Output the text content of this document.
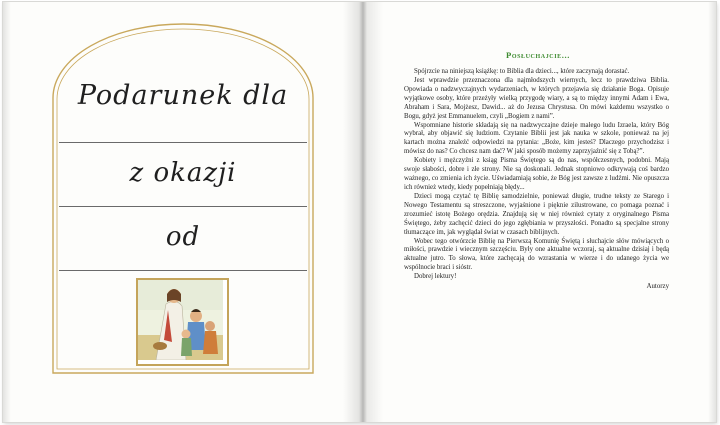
Podarunek dla
z okazji
od
Posłuchajcie...

Spójrzcie na niniejszą książkę: to Biblia dla dzieci..., które zaczynają dorastać.

Jest wprawdzie przeznaczona dla najmłodszych wiernych, lecz to prawdziwa Biblia. Opowiada o nadzwyczajnych wydarzeniach, w których przejawia się działanie Boga. Opisuje wyjątkowe osoby, które przeżyły wielką przygodę wiary, a są to między innymi Adam i Ewa, Abraham i Sara, Mojżesz, Dawid... aż do Jezusa Chrystusa. On mówi każdemu wszystko o Bogu, gdyż jest Emmanuelem, czyli „Bogiem z nami”.

Wspomniane historie składają się na nadzwyczajne dzieje małego ludu Izraela, który Bóg wybrał, aby objawić się ludziom. Czytanie Biblii jest jak nauka w szkole, ponieważ na jej kartach można znaleźć odpowiedzi na pytania: „Boże, kim jesteś? Dlaczego przychodzisz i mówisz do nas? Co chcesz nam dać? W jaki sposób możemy zaprzyjaźnić się z Tobą?”.

Kobiety i mężczyźni z ksiąg Pisma Świętego są do nas, współczesnych, podobni. Mają swoje słabości, dobre i złe strony. Nie są doskonali. Jednak stopniowo odkrywają coś bardzo ważnego, co zmienia ich życie. Uświadamiają sobie, że Bóg jest zawsze z ludźmi. Nie opuszcza ich również wtedy, kiedy popełniają błędy...

Dzieci mogą czytać tę Biblię samodzielnie, ponieważ długie, trudne teksty ze Starego i Nowego Testamentu są streszczone, wyjaśnione i pięknie zilustrowane, co pomaga poznać i zrozumieć istotę Bożego orędzia. Znajdują się w niej również cytaty z oryginalnego Pisma Świętego, żeby zachęcić dzieci do jego zgłębiania w przyszłości. Ponadto są specjalne strony tłumaczące im, jak wyglądał świat w czasach biblijnych.

Wobec tego otwórzcie Biblię na Pierwszą Komunię Świętą i słuchajcie słów mówiących o miłości, prawdzie i wiecznym szczęściu. Były one aktualne wczoraj, są aktualne dzisiaj i będą aktualne jutro. To słowa, które zachęcają do wzrastania w wierze i do udanego życia we wspólnocie braci i sióstr.

Dobrej lektury!

Autorzy
